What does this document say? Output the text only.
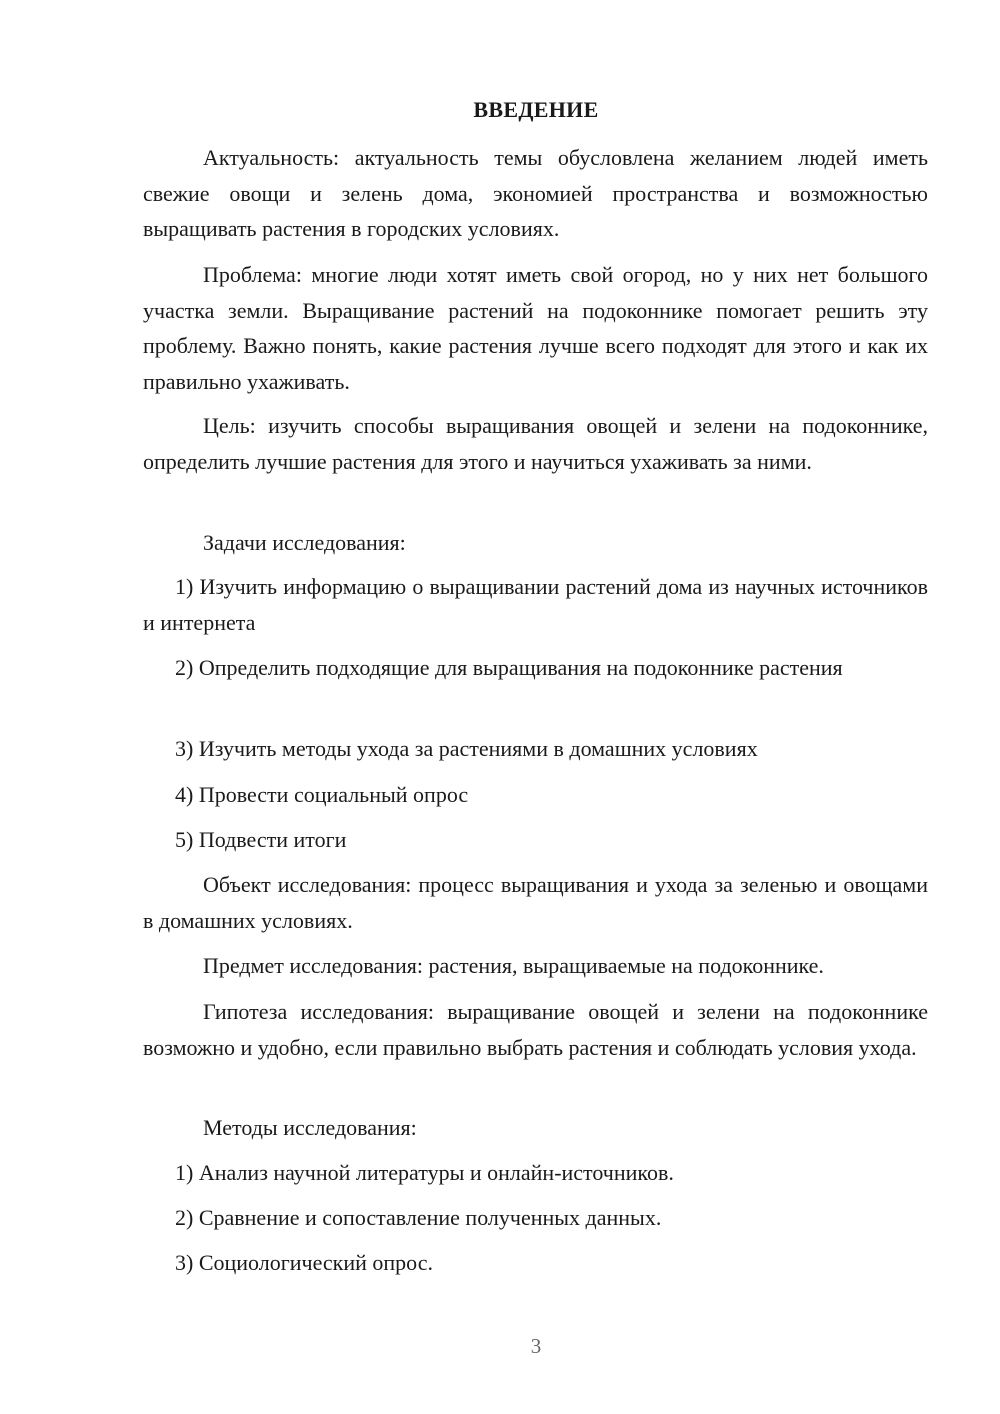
ВВЕДЕНИЕ

Актуальность: актуальность темы обусловлена желанием людей иметь свежие овощи и зелень дома, экономией пространства и возможностью выращивать растения в городских условиях.

Проблема: многие люди хотят иметь свой огород, но у них нет большого участка земли. Выращивание растений на подоконнике помогает решить эту проблему. Важно понять, какие растения лучше всего подходят для этого и как их правильно ухаживать.

Цель: изучить способы выращивания овощей и зелени на подоконнике, определить лучшие растения для этого и научиться ухаживать за ними.

Задачи исследования:

1) Изучить информацию о выращивании растений дома из научных источников и интернета

2) Определить подходящие для выращивания на подоконнике растения

3) Изучить методы ухода за растениями в домашних условиях

4) Провести социальный опрос

5) Подвести итоги

Объект исследования: процесс выращивания и ухода за зеленью и овощами в домашних условиях.

Предмет исследования: растения, выращиваемые на подоконнике.

Гипотеза исследования: выращивание овощей и зелени на подоконнике возможно и удобно, если правильно выбрать растения и соблюдать условия ухода.

Методы исследования:

1) Анализ научной литературы и онлайн-источников.

2) Сравнение и сопоставление полученных данных.

3) Социологический опрос.

3
